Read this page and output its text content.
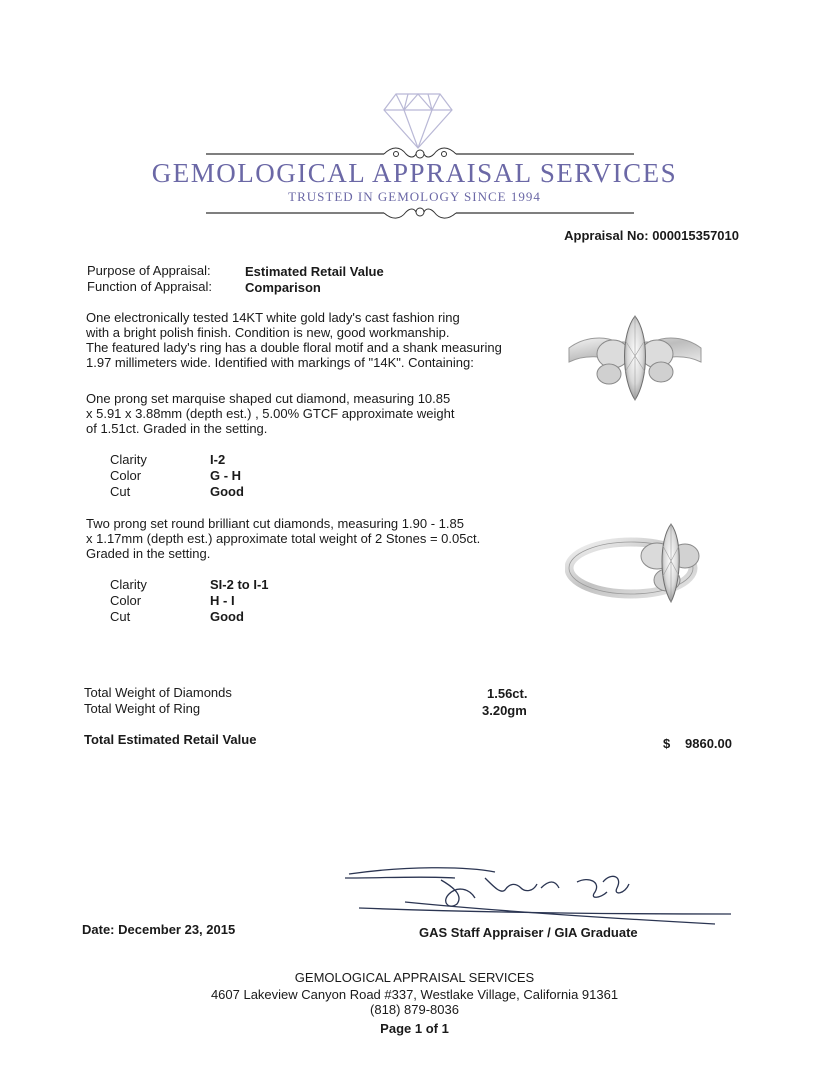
GEMOLOGICAL APPRAISAL SERVICES
TRUSTED IN GEMOLOGY SINCE 1994
Appraisal No: 000015357010
Purpose of Appraisal:	Estimated Retail Value
Function of Appraisal:	Comparison
One electronically tested 14KT white gold lady's cast fashion ring
with a bright polish finish. Condition is new, good workmanship.
The featured lady's ring has a double floral motif and a shank measuring
1.97 millimeters wide. Identified with markings of "14K". Containing:
One prong set marquise shaped cut diamond, measuring 10.85
x 5.91 x 3.88mm (depth est.) , 5.00% GTCF approximate weight
of 1.51ct. Graded in the setting.
Clarity	I-2
Color	G - H
Cut	Good
Two prong set round brilliant cut diamonds, measuring 1.90 - 1.85
x 1.17mm (depth est.) approximate total weight of 2 Stones = 0.05ct.
Graded in the setting.
Clarity	SI-2 to I-1
Color	H - I
Cut	Good
Total Weight of Diamonds	1.56ct.
Total Weight of Ring	3.20gm
Total Estimated Retail Value	$ 9860.00
Date: December 23, 2015	GAS Staff Appraiser / GIA Graduate
GEMOLOGICAL APPRAISAL SERVICES
4607 Lakeview Canyon Road #337, Westlake Village, California 91361
(818) 879-8036
Page 1 of 1
